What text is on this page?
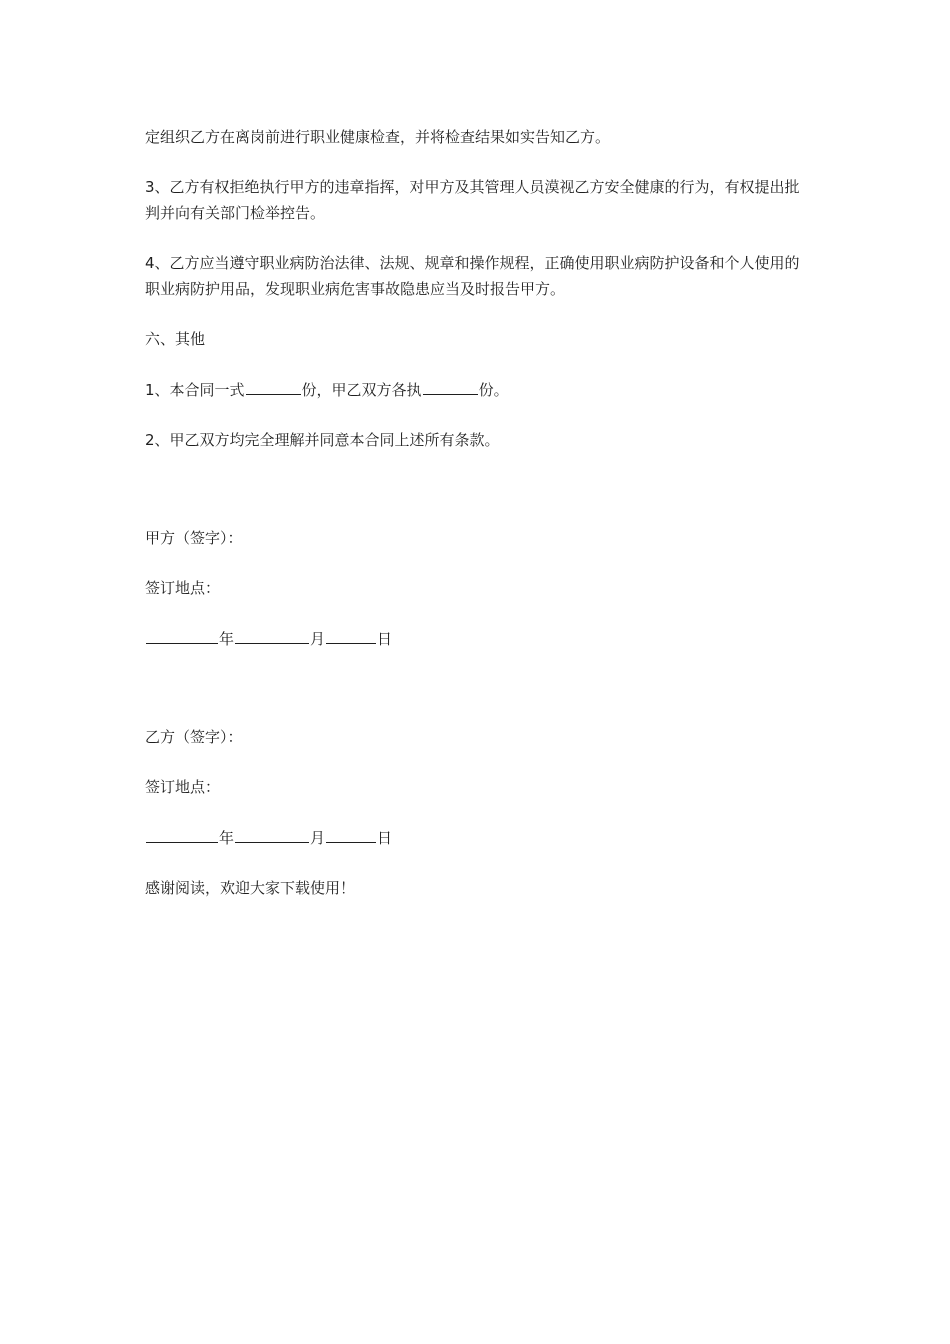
定组织乙方在离岗前进行职业健康检查，并将检查结果如实告知乙方。

3、乙方有权拒绝执行甲方的违章指挥，对甲方及其管理人员漠视乙方安全健康的行为，有权提出批判并向有关部门检举控告。

4、乙方应当遵守职业病防治法律、法规、规章和操作规程，正确使用职业病防护设备和个人使用的职业病防护用品，发现职业病危害事故隐患应当及时报告甲方。

六、其他

1、本合同一式	份，甲乙双方各执	份。

2、甲乙双方均完全理解并同意本合同上述所有条款。

甲方（签字）：

签订地点：

年	月	日

乙方（签字）：

签订地点：

年	月	日

感谢阅读，欢迎大家下载使用！
